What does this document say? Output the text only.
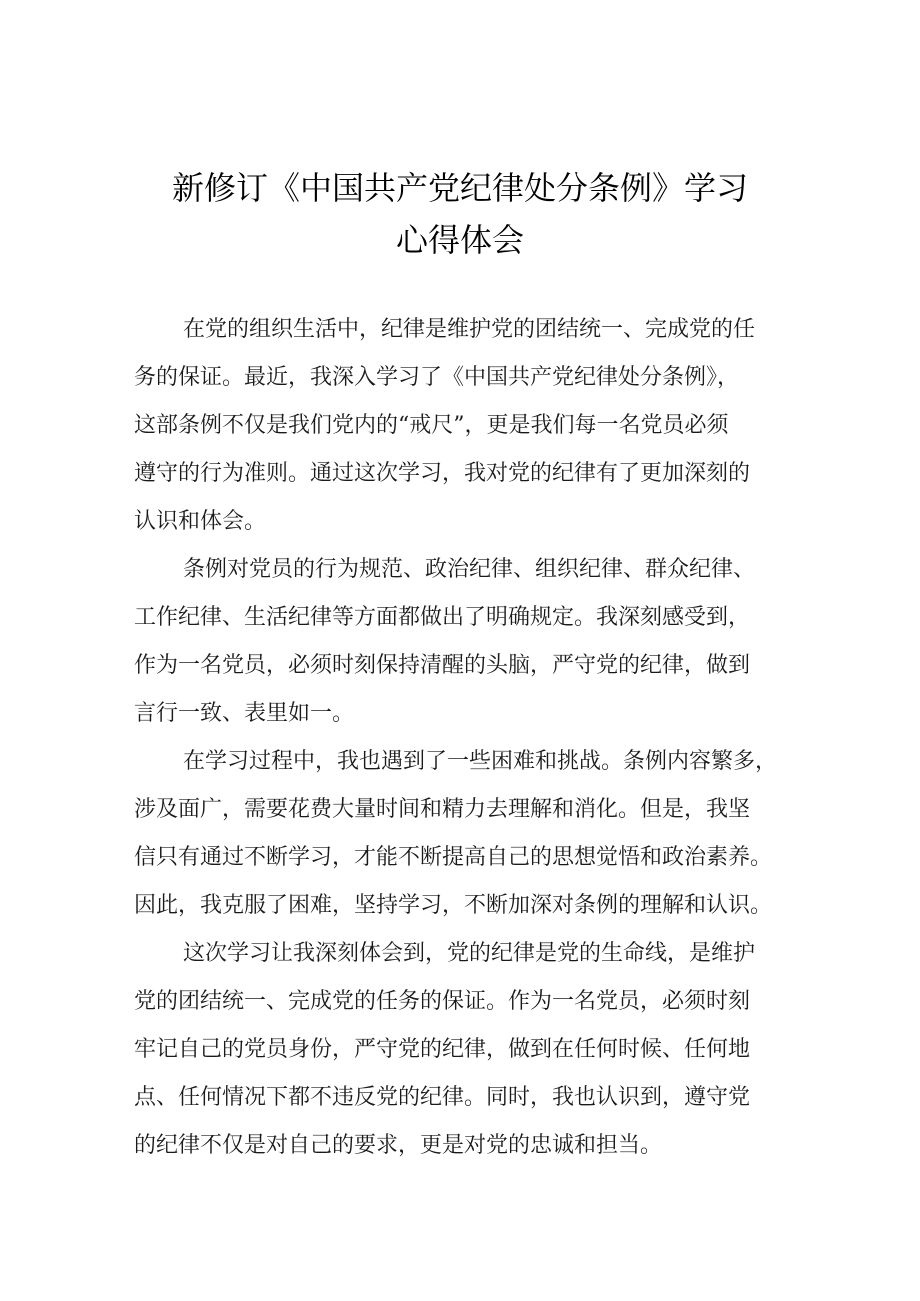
新修订《中国共产党纪律处分条例》学习
心得体会
在党的组织生活中，纪律是维护党的团结统一、完成党的任
务的保证。最近，我深入学习了《中国共产党纪律处分条例》，
这部条例不仅是我们党内的“戒尺”，更是我们每一名党员必须
遵守的行为准则。通过这次学习，我对党的纪律有了更加深刻的
认识和体会。
条例对党员的行为规范、政治纪律、组织纪律、群众纪律、
工作纪律、生活纪律等方面都做出了明确规定。我深刻感受到，
作为一名党员，必须时刻保持清醒的头脑，严守党的纪律，做到
言行一致、表里如一。
在学习过程中，我也遇到了一些困难和挑战。条例内容繁多，
涉及面广，需要花费大量时间和精力去理解和消化。但是，我坚
信只有通过不断学习，才能不断提高自己的思想觉悟和政治素养。
因此，我克服了困难，坚持学习，不断加深对条例的理解和认识。
这次学习让我深刻体会到，党的纪律是党的生命线，是维护
党的团结统一、完成党的任务的保证。作为一名党员，必须时刻
牢记自己的党员身份，严守党的纪律，做到在任何时候、任何地
点、任何情况下都不违反党的纪律。同时，我也认识到，遵守党
的纪律不仅是对自己的要求，更是对党的忠诚和担当。
